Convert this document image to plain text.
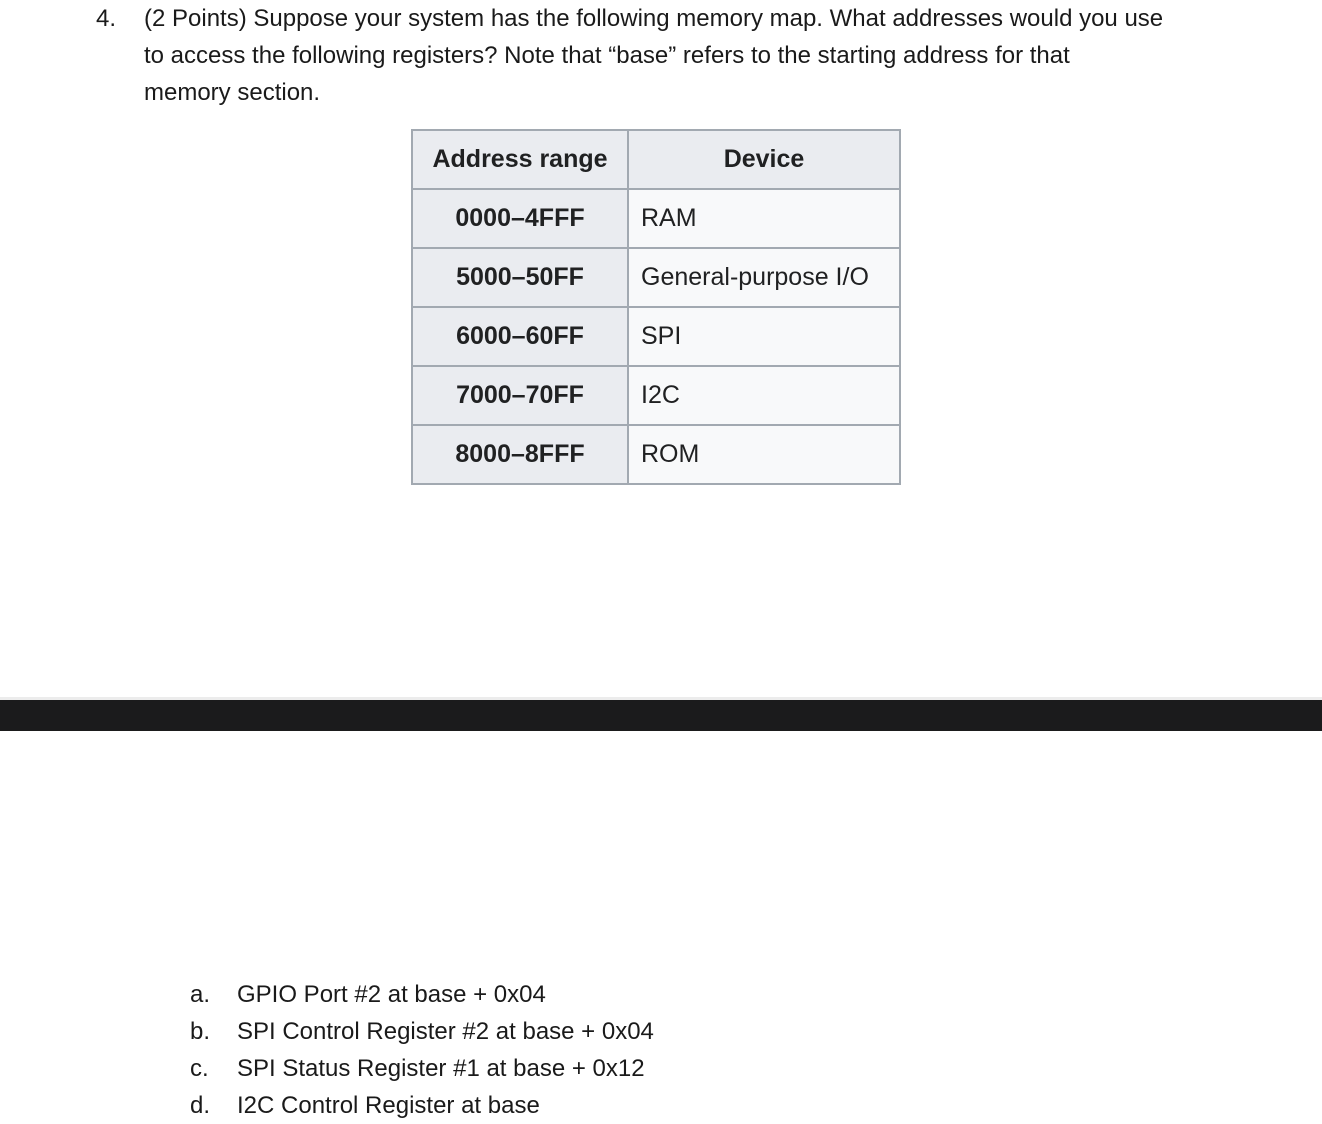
4. (2 Points) Suppose your system has the following memory map. What addresses would you use
to access the following registers? Note that “base” refers to the starting address for that
memory section.
Address range	Device
0000–4FFF	RAM
5000–50FF	General-purpose I/O
6000–60FF	SPI
7000–70FF	I2C
8000–8FFF	ROM
a. GPIO Port #2 at base + 0x04
b. SPI Control Register #2 at base + 0x04
c. SPI Status Register #1 at base + 0x12
d. I2C Control Register at base
